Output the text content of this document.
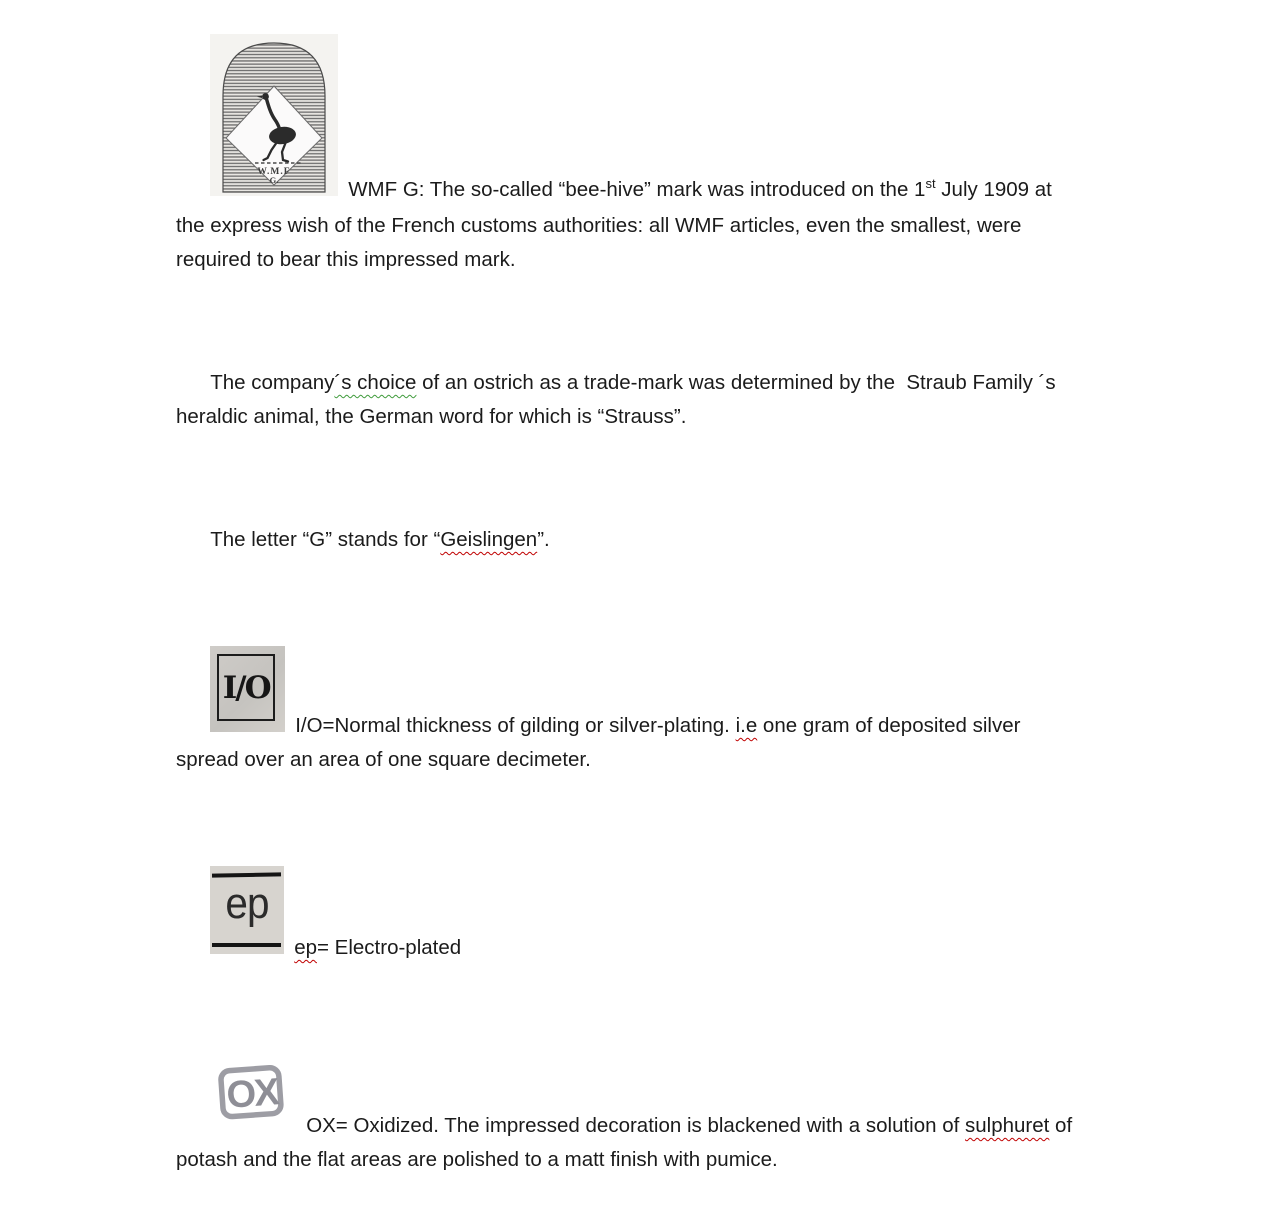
W.M.F
G.	WMF G: The so-called “bee-hive” mark was introduced on the 1st July 1909 at the express wish of the French customs authorities: all WMF articles, even the smallest, were required to bear this impressed mark.

The company´s choice of an ostrich as a trade-mark was determined by the  Straub Family ´s heraldic animal, the German word for which is “Strauss”.

The letter “G” stands for “Geislingen”.

I/O
I/O=Normal thickness of gilding or silver-plating. i.e one gram of deposited silver spread over an area of one square decimeter.

ep
ep= Electro-plated

OX
OX= Oxidized. The impressed decoration is blackened with a solution of sulphuret of potash and the flat areas are polished to a matt finish with pumice.
